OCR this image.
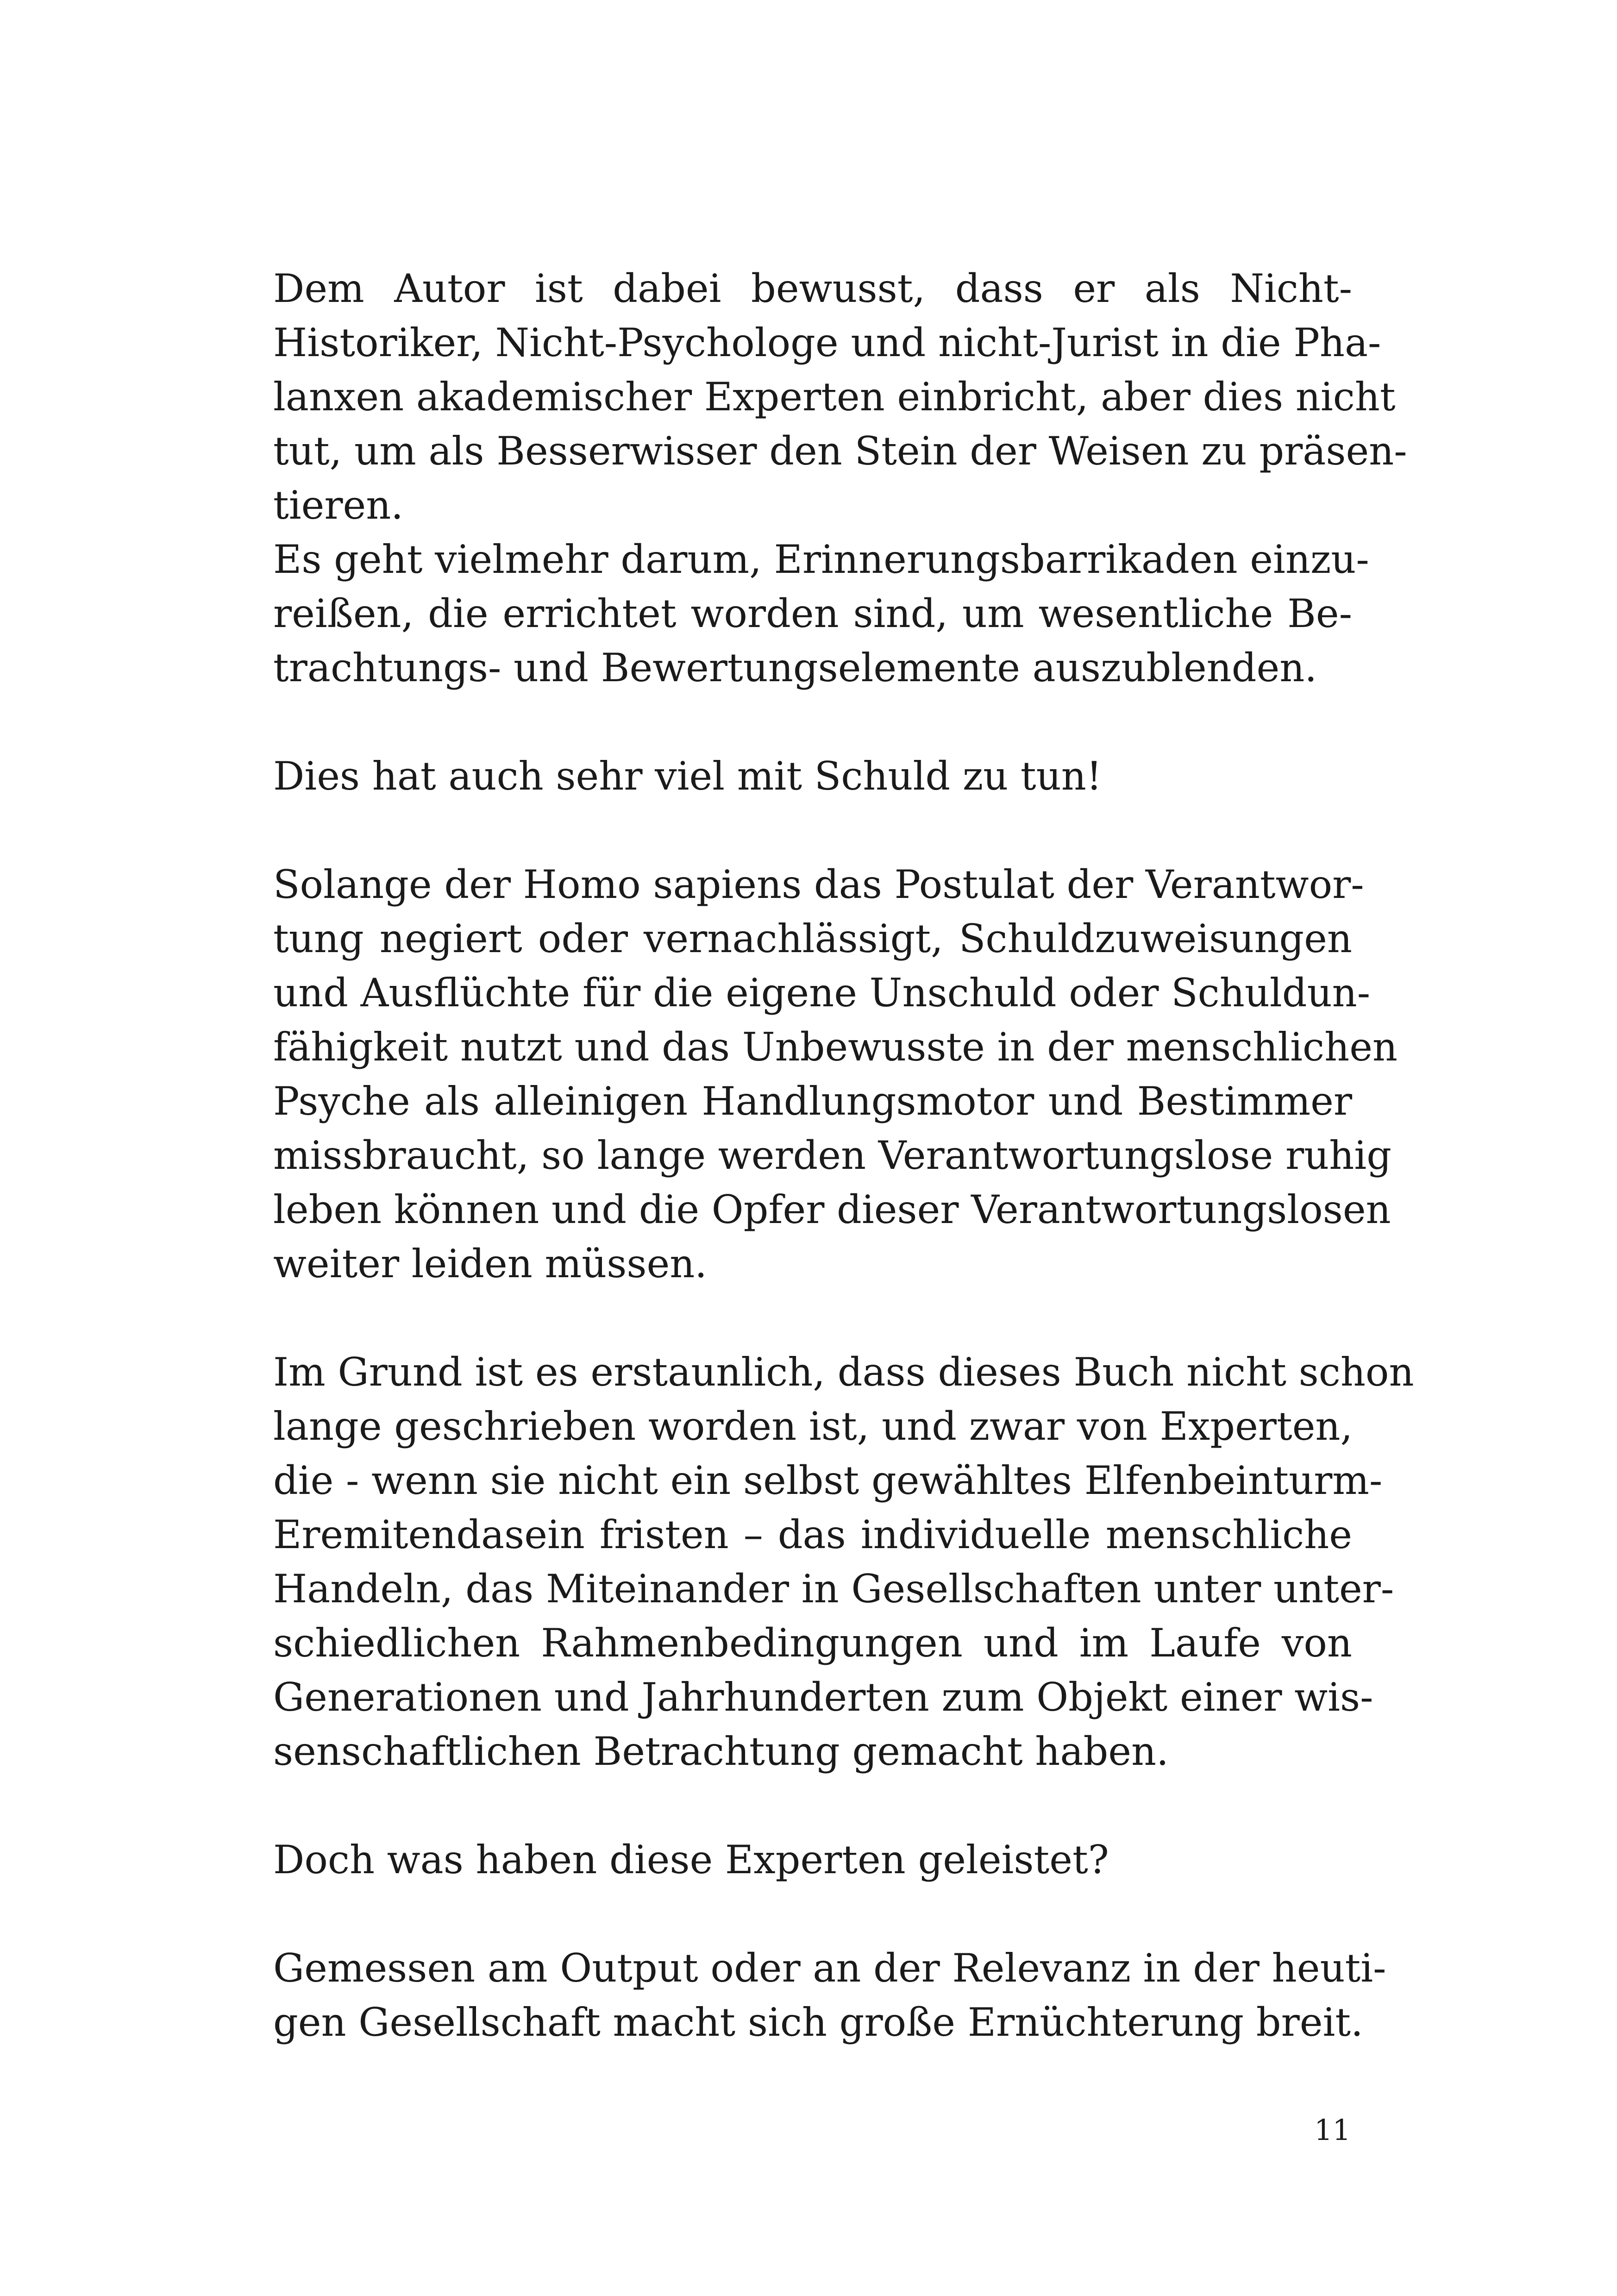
Dem Autor ist dabei bewusst, dass er als Nicht-
Historiker, Nicht-Psychologe und nicht-Jurist in die Pha-
lanxen akademischer Experten einbricht, aber dies nicht
tut, um als Besserwisser den Stein der Weisen zu präsen-
tieren.
Es geht vielmehr darum, Erinnerungsbarrikaden einzu-
reißen, die errichtet worden sind, um wesentliche Be-
trachtungs- und Bewertungselemente auszublenden.
Dies hat auch sehr viel mit Schuld zu tun!
Solange der Homo sapiens das Postulat der Verantwor-
tung negiert oder vernachlässigt, Schuldzuweisungen
und Ausflüchte für die eigene Unschuld oder Schuldun-
fähigkeit nutzt und das Unbewusste in der menschlichen
Psyche als alleinigen Handlungsmotor und Bestimmer
missbraucht, so lange werden Verantwortungslose ruhig
leben können und die Opfer dieser Verantwortungslosen
weiter leiden müssen.
Im Grund ist es erstaunlich, dass dieses Buch nicht schon
lange geschrieben worden ist, und zwar von Experten,
die - wenn sie nicht ein selbst gewähltes Elfenbeinturm-
Eremitendasein fristen – das individuelle menschliche
Handeln, das Miteinander in Gesellschaften unter unter-
schiedlichen Rahmenbedingungen und im Laufe von
Generationen und Jahrhunderten zum Objekt einer wis-
senschaftlichen Betrachtung gemacht haben.
Doch was haben diese Experten geleistet?
Gemessen am Output oder an der Relevanz in der heuti-
gen Gesellschaft macht sich große Ernüchterung breit.
11
